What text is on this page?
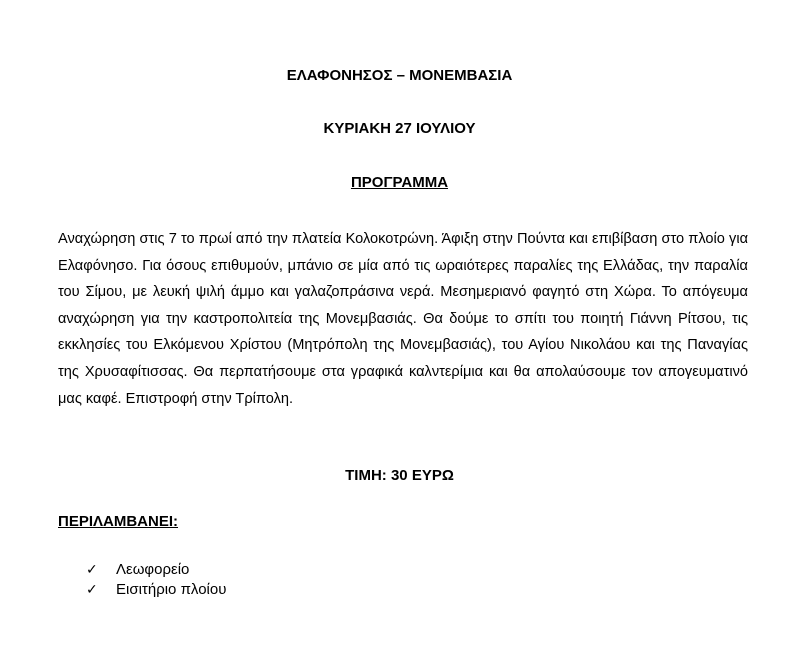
ΕΛΑΦΟΝΗΣΟΣ – ΜΟΝΕΜΒΑΣΙΑ
ΚΥΡΙΑΚΗ 27 ΙΟΥΛΙΟΥ
ΠΡΟΓΡΑΜΜΑ

Αναχώρηση στις 7 το πρωί από την πλατεία Κολοκοτρώνη. Άφιξη στην Πούντα και επιβίβαση στο πλοίο για Ελαφόνησο. Για όσους επιθυμούν, μπάνιο σε μία από τις ωραιότερες παραλίες της Ελλάδας, την παραλία του Σίμου, με λευκή ψιλή άμμο και γαλαζοπράσινα νερά. Μεσημεριανό φαγητό στη Χώρα. Το απόγευμα αναχώρηση για την καστροπολιτεία της Μονεμβασιάς. Θα δούμε το σπίτι του ποιητή Γιάννη Ρίτσου, τις εκκλησίες του Ελκόμενου Χρίστου (Μητρόπολη της Μονεμβασιάς), του Αγίου Νικολάου και της Παναγίας της Χρυσαφίτισσας. Θα περπατήσουμε στα γραφικά καλντερίμια και θα απολαύσουμε τον απογευματινό μας καφέ. Επιστροφή στην Τρίπολη.

ΤΙΜΗ: 30 ΕΥΡΩ
ΠΕΡΙΛΑΜΒΑΝΕΙ:
✓	Λεωφορείο
✓	Εισιτήριο πλοίου
